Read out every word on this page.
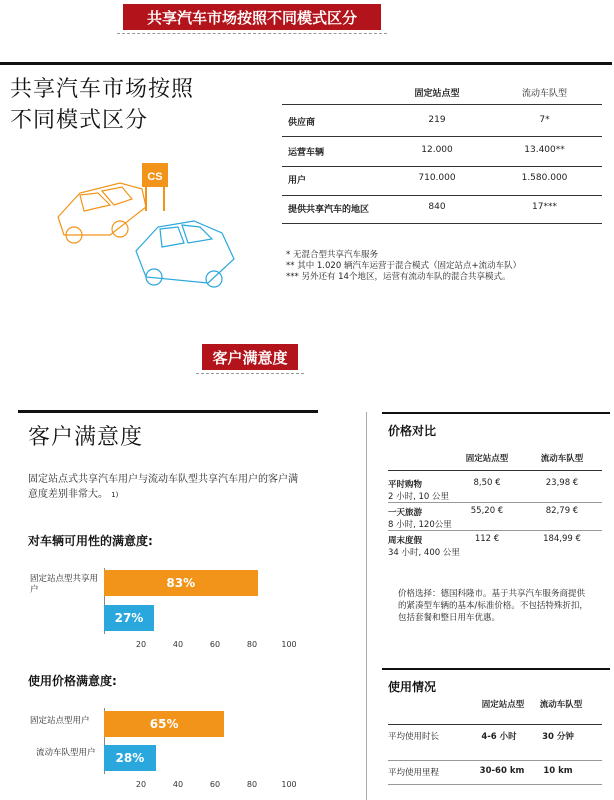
共享汽车市场按照不同模式区分
共享汽车市场按照
不同模式区分
CS
固定站点型	流动车队型
供应商	219	7*
运营车辆	12.000	13.400**
用户	710.000	1.580.000
提供共享汽车的地区	840	17***
* 无混合型共享汽车服务
** 其中 1.020 辆汽车运营于混合模式（固定站点+流动车队）
*** 另外还有 14个地区，运营有流动车队的混合共享模式。
客户满意度
客户满意度
固定站点式共享汽车用户与流动车队型共享汽车用户的客户满意度差别非常大。 1)
对车辆可用性的满意度:
固定站点型共享用户	83%
27%
20	40	60	80	100
使用价格满意度:
固定站点型用户	65%
流动车队型用户	28%
20	40	60	80	100
价格对比
固定站点型	流动车队型
平时购物
2 小时, 10 公里
8,50 €	23,98 €
一天旅游
8 小时, 120公里
55,20 €	82,79 €
周末度假
34 小时, 400 公里
112 €	184,99 €
价格选择：德国科隆市。基于共享汽车服务商提供的紧凑型车辆的基本/标准价格。不包括特殊折扣，包括套餐和整日用车优惠。
使用情况
固定站点型	流动车队型
平均使用时长	4-6 小时	30 分钟
平均使用里程	30-60 km	10 km
